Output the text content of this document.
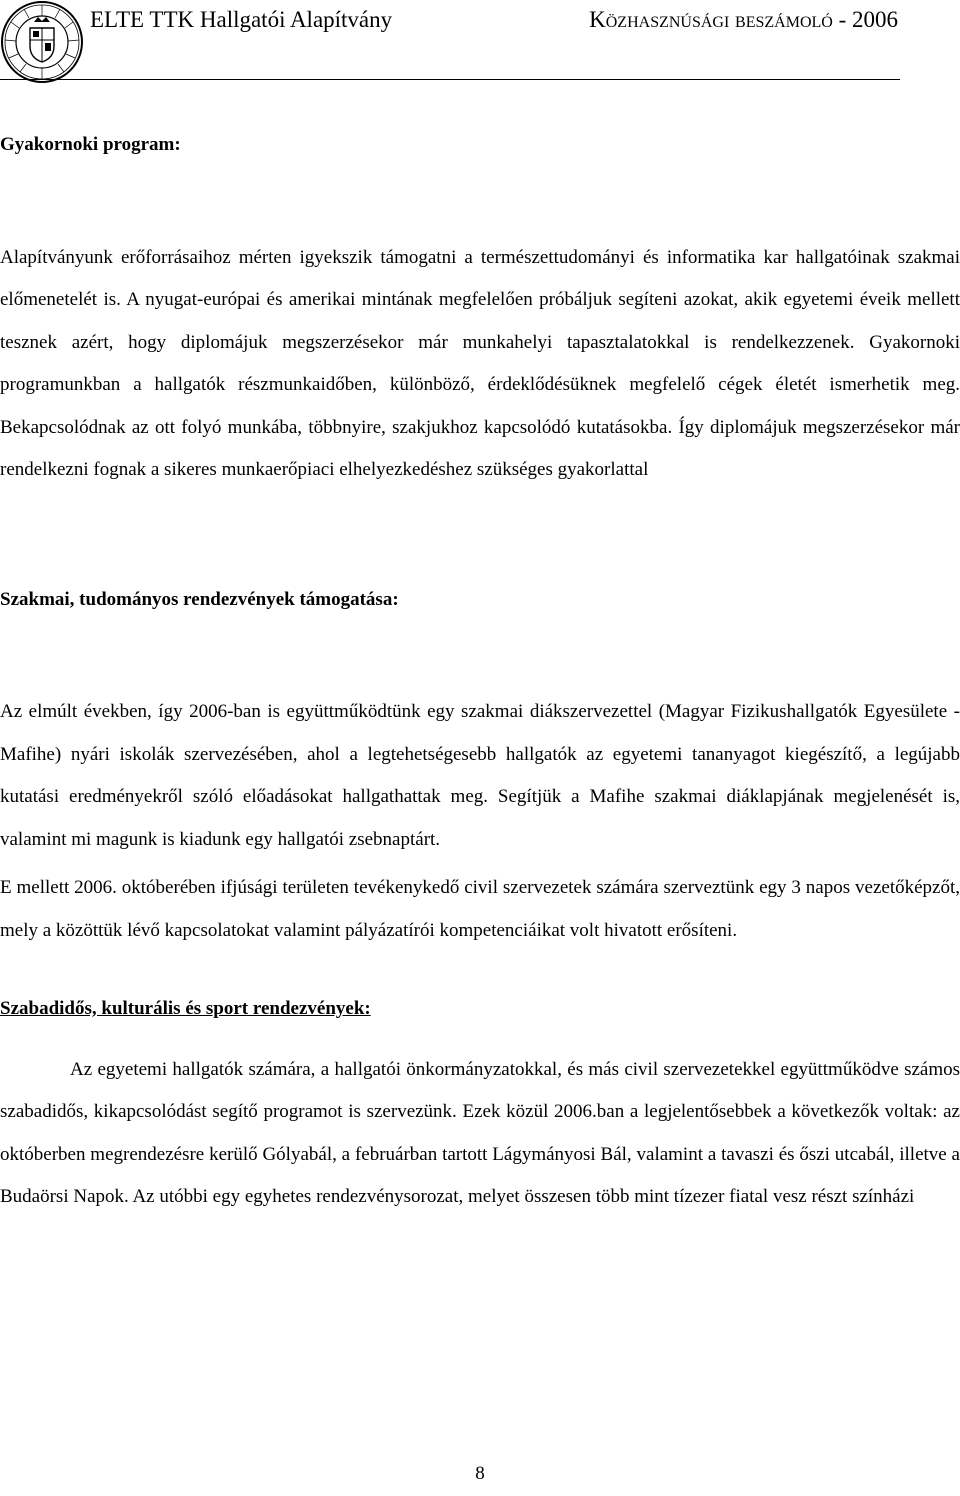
ELTE TTK Hallgatói Alapítvány	Közhasznúsági beszámoló - 2006

Gyakornoki program:

Alapítványunk erőforrásaihoz mérten igyekszik támogatni a természettudományi és informatika kar hallgatóinak szakmai előmenetelét is. A nyugat-európai és amerikai mintának megfelelően próbáljuk segíteni azokat, akik egyetemi éveik mellett tesznek azért, hogy diplomájuk megszerzésekor már munkahelyi tapasztalatokkal is rendelkezzenek. Gyakornoki programunkban a hallgatók részmunkaidőben, különböző, érdeklődésüknek megfelelő cégek életét ismerhetik meg. Bekapcsolódnak az ott folyó munkába, többnyire, szakjukhoz kapcsolódó kutatásokba. Így diplomájuk megszerzésekor már rendelkezni fognak a sikeres munkaerőpiaci elhelyezkedéshez szükséges gyakorlattal

Szakmai, tudományos rendezvények támogatása:

Az elmúlt években, így 2006-ban is együttműködtünk egy szakmai diákszervezettel (Magyar Fizikushallgatók Egyesülete - Mafihe) nyári iskolák szervezésében, ahol a legtehetségesebb hallgatók az egyetemi tananyagot kiegészítő, a legújabb kutatási eredményekről szóló előadásokat hallgathattak meg. Segítjük a Mafihe szakmai diáklapjának megjelenését is, valamint mi magunk is kiadunk egy hallgatói zsebnaptárt.

E mellett 2006. októberében ifjúsági területen tevékenykedő civil szervezetek számára szerveztünk egy 3 napos vezetőképzőt, mely a közöttük lévő kapcsolatokat valamint pályázatírói kompetenciáikat volt hivatott erősíteni.

Szabadidős, kulturális és sport rendezvények:

Az egyetemi hallgatók számára, a hallgatói önkormányzatokkal, és más civil szervezetekkel együttműködve számos szabadidős, kikapcsolódást segítő programot is szervezünk. Ezek közül 2006.ban a legjelentősebbek a következők voltak: az októberben megrendezésre kerülő Gólyabál, a februárban tartott Lágymányosi Bál, valamint a tavaszi és őszi utcabál, illetve a Budaörsi Napok. Az utóbbi egy egyhetes rendezvénysorozat, melyet összesen több mint tízezer fiatal vesz részt színházi

8
